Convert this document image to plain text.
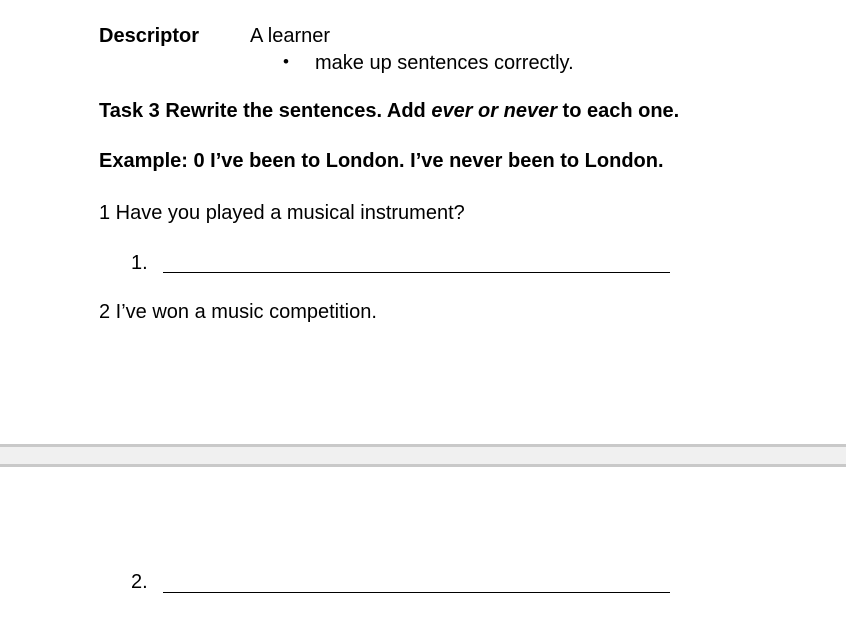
Descriptor	A learner
• make up sentences correctly.
Task 3 Rewrite the sentences. Add ever or never to each one.
Example: 0 I’ve been to London. I’ve never been to London.
1 Have you played a musical instrument?
1.
2 I’ve won a music competition.
2.
